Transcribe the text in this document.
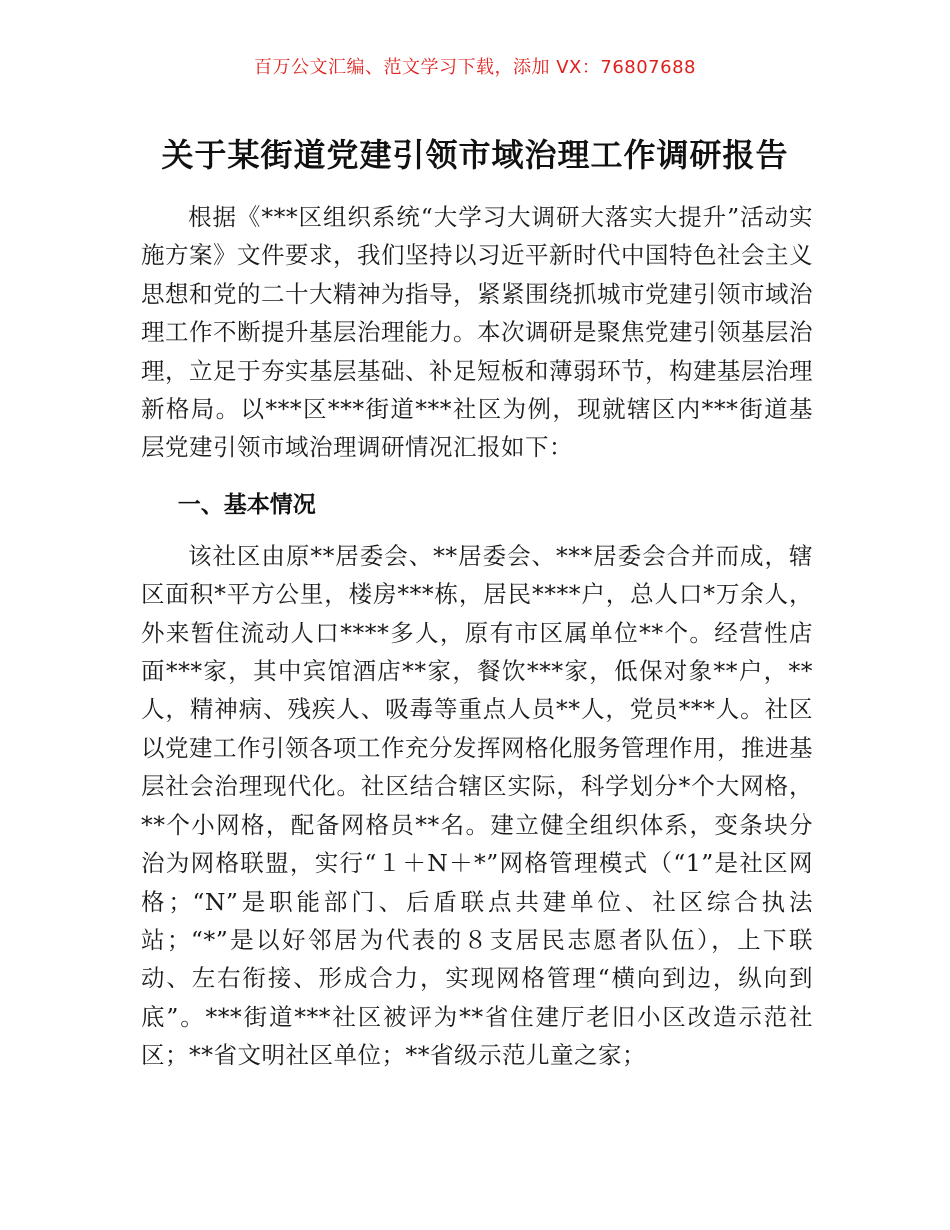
百万公文汇编、范文学习下载，添加 VX：76807688
关于某街道党建引领市域治理工作调研报告

根据《***区组织系统“大学习大调研大落实大提升”活动实施方案》文件要求，我们坚持以习近平新时代中国特色社会主义思想和党的二十大精神为指导，紧紧围绕抓城市党建引领市域治理工作不断提升基层治理能力。本次调研是聚焦党建引领基层治理，立足于夯实基层基础、补足短板和薄弱环节，构建基层治理新格局。以***区***街道***社区为例，现就辖区内***街道基层党建引领市域治理调研情况汇报如下：

一、基本情况

该社区由原**居委会、**居委会、***居委会合并而成，辖区面积*平方公里，楼房***栋，居民****户，总人口*万余人，外来暂住流动人口****多人，原有市区属单位**个。经营性店面***家，其中宾馆酒店**家，餐饮***家，低保对象**户，**人，精神病、残疾人、吸毒等重点人员**人，党员***人。社区以党建工作引领各项工作充分发挥网格化服务管理作用，推进基层社会治理现代化。社区结合辖区实际，科学划分*个大网格，**个小网格，配备网格员**名。建立健全组织体系，变条块分治为网格联盟，实行“１＋N＋*”网格管理模式（“1”是社区网格；“N”是职能部门、后盾联点共建单位、社区综合执法站；“*”是以好邻居为代表的８支居民志愿者队伍），上下联动、左右衔接、形成合力，实现网格管理“横向到边，纵向到底”。***街道***社区被评为**省住建厅老旧小区改造示范社区；**省文明社区单位；**省级示范儿童之家；
